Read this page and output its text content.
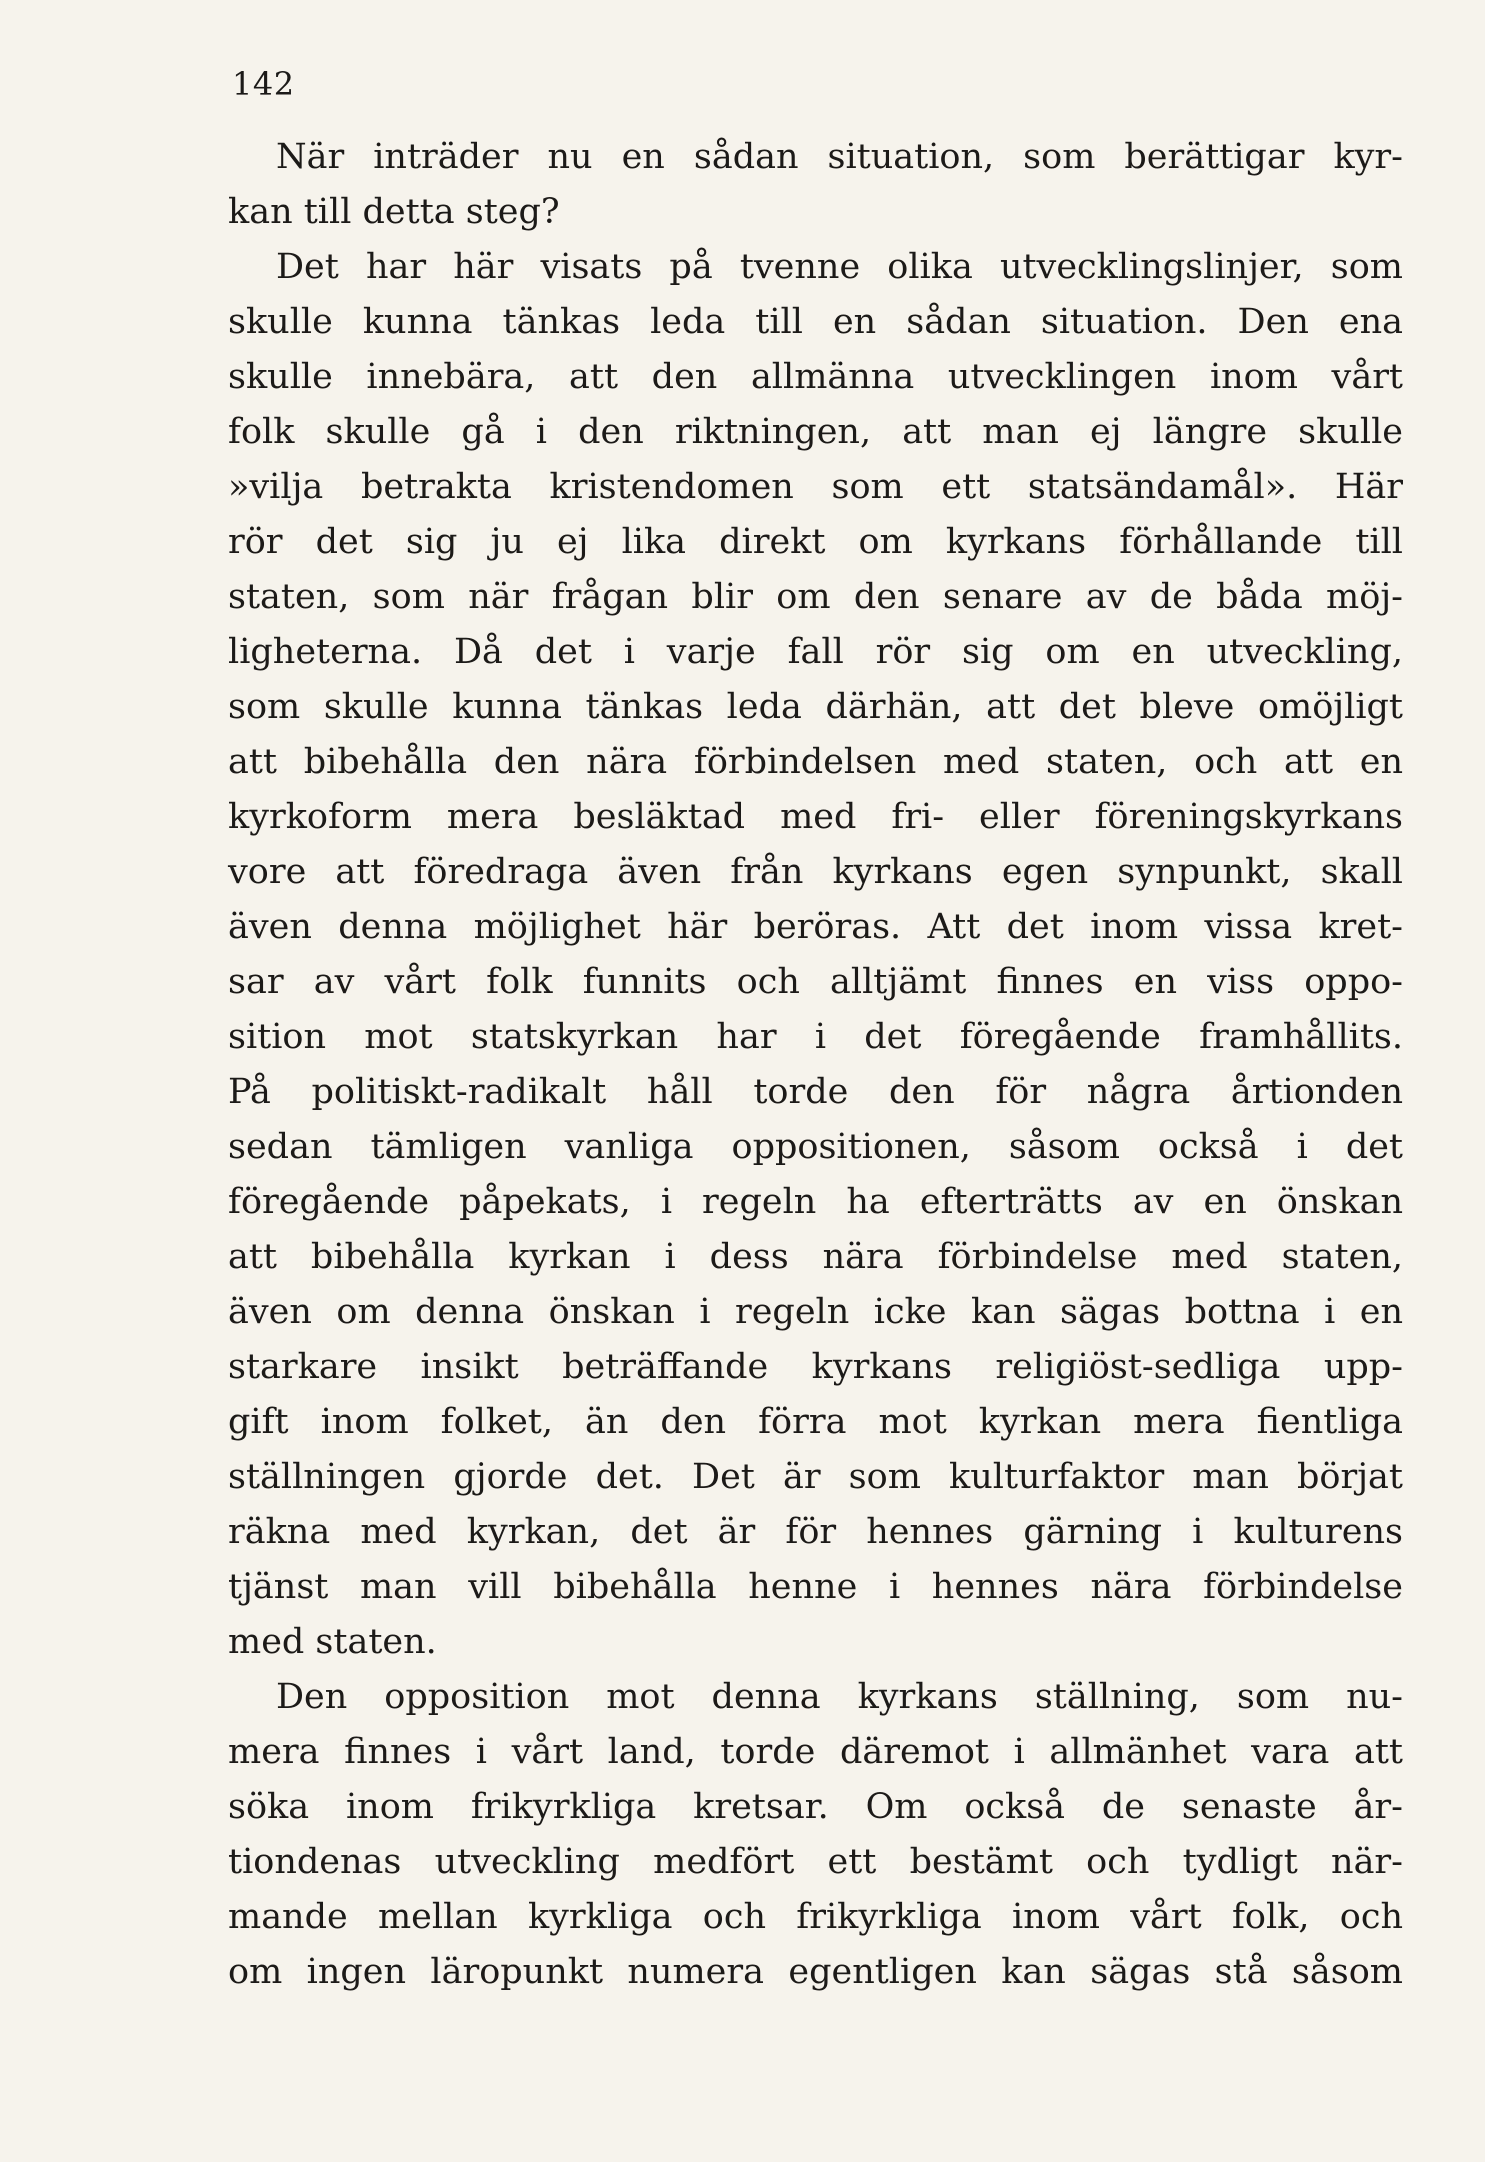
142
När inträder nu en sådan situation, som berättigar kyr-
kan till detta steg?
Det har här visats på tvenne olika utvecklingslinjer, som
skulle kunna tänkas leda till en sådan situation. Den ena
skulle innebära, att den allmänna utvecklingen inom vårt
folk skulle gå i den riktningen, att man ej längre skulle
»vilja betrakta kristendomen som ett statsändamål». Här
rör det sig ju ej lika direkt om kyrkans förhållande till
staten, som när frågan blir om den senare av de båda möj-
ligheterna. Då det i varje fall rör sig om en utveckling,
som skulle kunna tänkas leda därhän, att det bleve omöjligt
att bibehålla den nära förbindelsen med staten, och att en
kyrkoform mera besläktad med fri- eller föreningskyrkans
vore att föredraga även från kyrkans egen synpunkt, skall
även denna möjlighet här beröras. Att det inom vissa kret-
sar av vårt folk funnits och alltjämt finnes en viss oppo-
sition mot statskyrkan har i det föregående framhållits.
På politiskt-radikalt håll torde den för några årtionden
sedan tämligen vanliga oppositionen, såsom också i det
föregående påpekats, i regeln ha efterträtts av en önskan
att bibehålla kyrkan i dess nära förbindelse med staten,
även om denna önskan i regeln icke kan sägas bottna i en
starkare insikt beträffande kyrkans religiöst-sedliga upp-
gift inom folket, än den förra mot kyrkan mera fientliga
ställningen gjorde det. Det är som kulturfaktor man börjat
räkna med kyrkan, det är för hennes gärning i kulturens
tjänst man vill bibehålla henne i hennes nära förbindelse
med staten.
Den opposition mot denna kyrkans ställning, som nu-
mera finnes i vårt land, torde däremot i allmänhet vara att
söka inom frikyrkliga kretsar. Om också de senaste år-
tiondenas utveckling medfört ett bestämt och tydligt när-
mande mellan kyrkliga och frikyrkliga inom vårt folk, och
om ingen läropunkt numera egentligen kan sägas stå såsom
